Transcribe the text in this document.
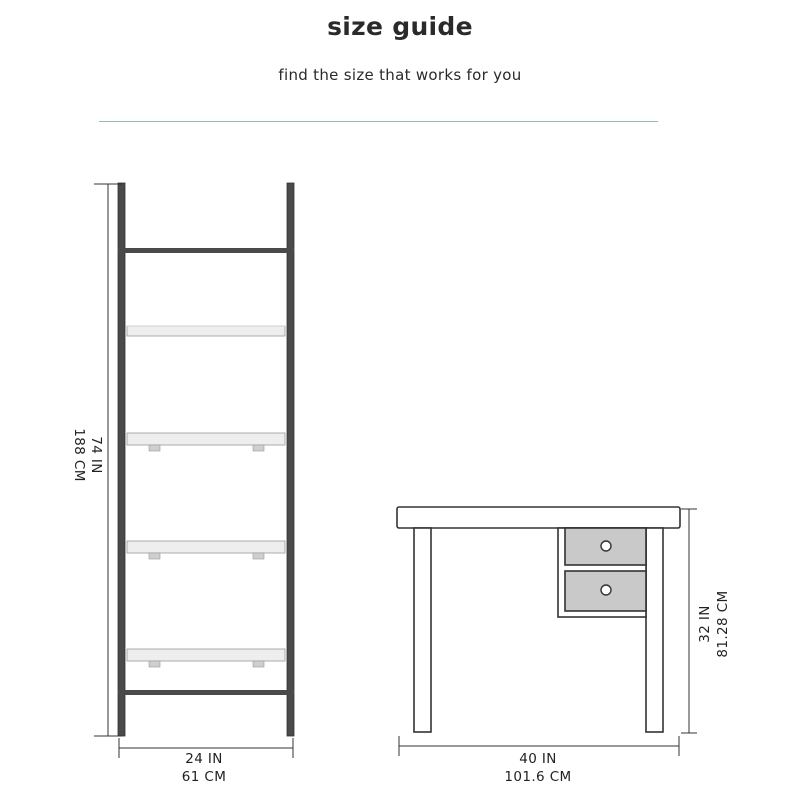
size guide
find the size that works for you
74 IN
188 CM
24 IN
61 CM
32 IN 81.28 CM
40 IN
101.6 CM
